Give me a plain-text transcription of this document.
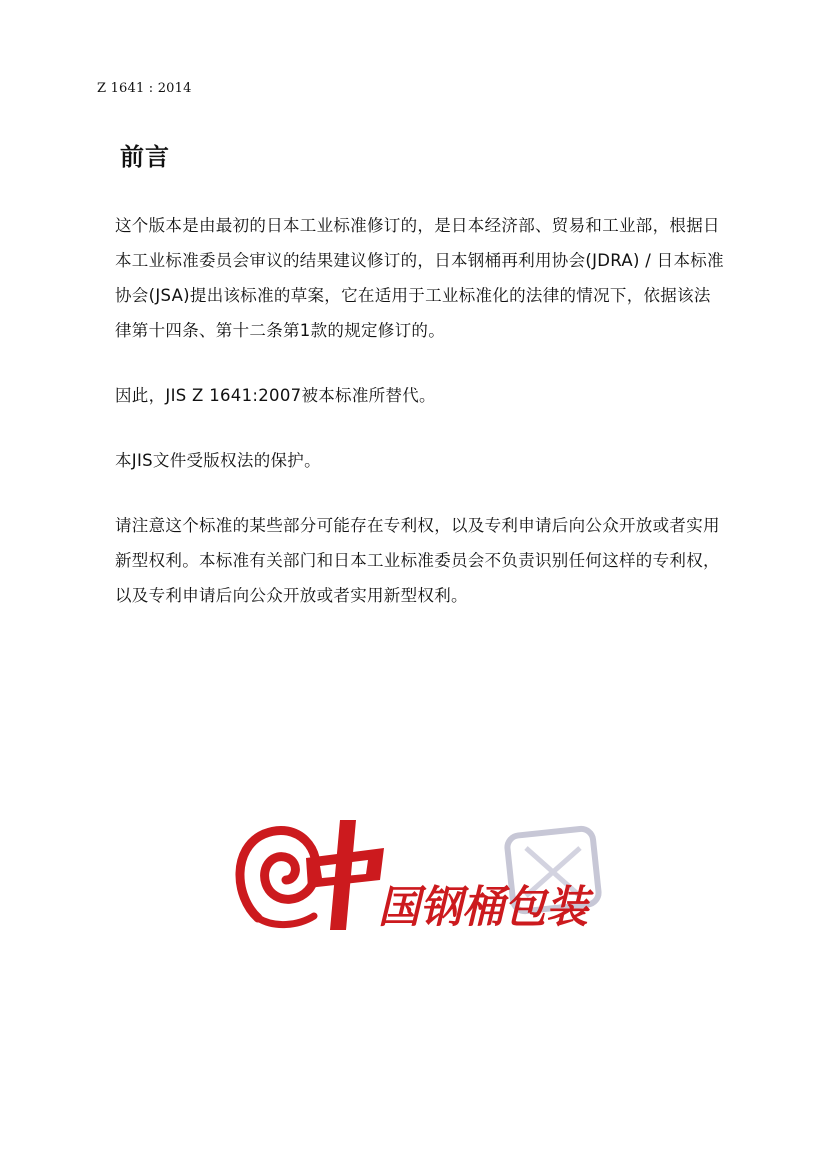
Z 1641 : 2014
前言

这个版本是由最初的日本工业标准修订的，是日本经济部、贸易和工业部，根据日本工业标准委员会审议的结果建议修订的，日本钢桶再利用协会(JDRA) / 日本标准协会(JSA)提出该标准的草案，它在适用于工业标准化的法律的情况下，依据该法律第十四条、第十二条第1款的规定修订的。

因此，JIS Z 1641:2007被本标准所替代。

本JIS文件受版权法的保护。

请注意这个标准的某些部分可能存在专利权，以及专利申请后向公众开放或者实用新型权利。本标准有关部门和日本工业标准委员会不负责识别任何这样的专利权，以及专利申请后向公众开放或者实用新型权利。

国钢桶包装
